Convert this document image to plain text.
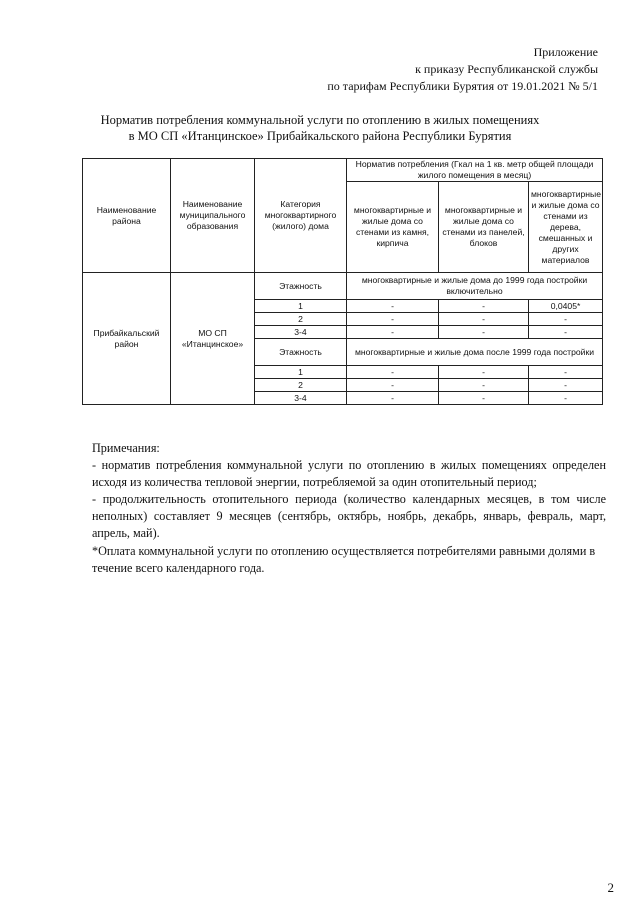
Приложение
к приказу Республиканской службы
по тарифам Республики Бурятия от 19.01.2021 № 5/1
Норматив потребления коммунальной услуги по отоплению в жилых помещениях
в МО СП «Итанцинское» Прибайкальского района Республики Бурятия
Наименование района	Наименование муниципального образования	Категория многоквартирного (жилого) дома	Норматив потребления (Гкал на 1 кв. метр общей площади жилого помещения в месяц)		
			многоквартирные и жилые дома со стенами из камня, кирпича	многоквартирные и жилые дома со стенами из панелей, блоков	многоквартирные и жилые дома со стенами из дерева, смешанных и других материалов
Прибайкальский район	МО СП «Итанцинское»	Этажность	многоквартирные и жилые дома до 1999 года постройки включительно		
		1	-	-	0,0405*
		2	-	-	-
		3-4	-	-	-
		Этажность	многоквартирные и жилые дома после 1999 года постройки		
		1	-	-	-
		2	-	-	-
		3-4	-	-	-

Примечания:

- норматив потребления коммунальной услуги по отоплению в жилых помещениях определен исходя из количества тепловой энергии, потребляемой за один отопительный период;

- продолжительность отопительного периода (количество календарных месяцев, в том числе неполных) составляет 9 месяцев (сентябрь, октябрь, ноябрь, декабрь, январь, февраль, март, апрель, май).

*Оплата коммунальной услуги по отоплению осуществляется потребителями равными долями в течение всего календарного года.
2
